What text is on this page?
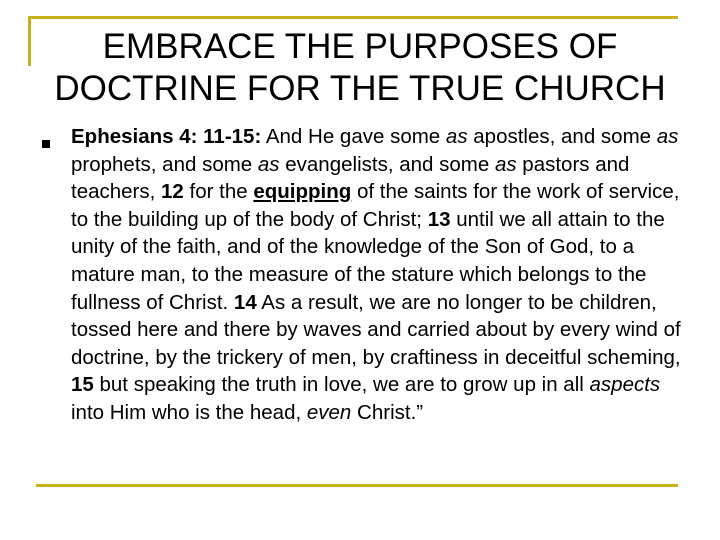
EMBRACE THE PURPOSES OF
DOCTRINE FOR THE TRUE CHURCH

Ephesians 4: 11-15: And He gave some as apostles, and some as prophets, and some as evangelists, and some as pastors and teachers, 12 for the equipping of the saints for the work of service, to the building up of the body of Christ; 13 until we all attain to the unity of the faith, and of the knowledge of the Son of God, to a mature man, to the measure of the stature which belongs to the fullness of Christ. 14 As a result, we are no longer to be children, tossed here and there by waves and carried about by every wind of doctrine, by the trickery of men, by craftiness in deceitful scheming, 15 but speaking the truth in love, we are to grow up in all aspects into Him who is the head, even Christ.”
